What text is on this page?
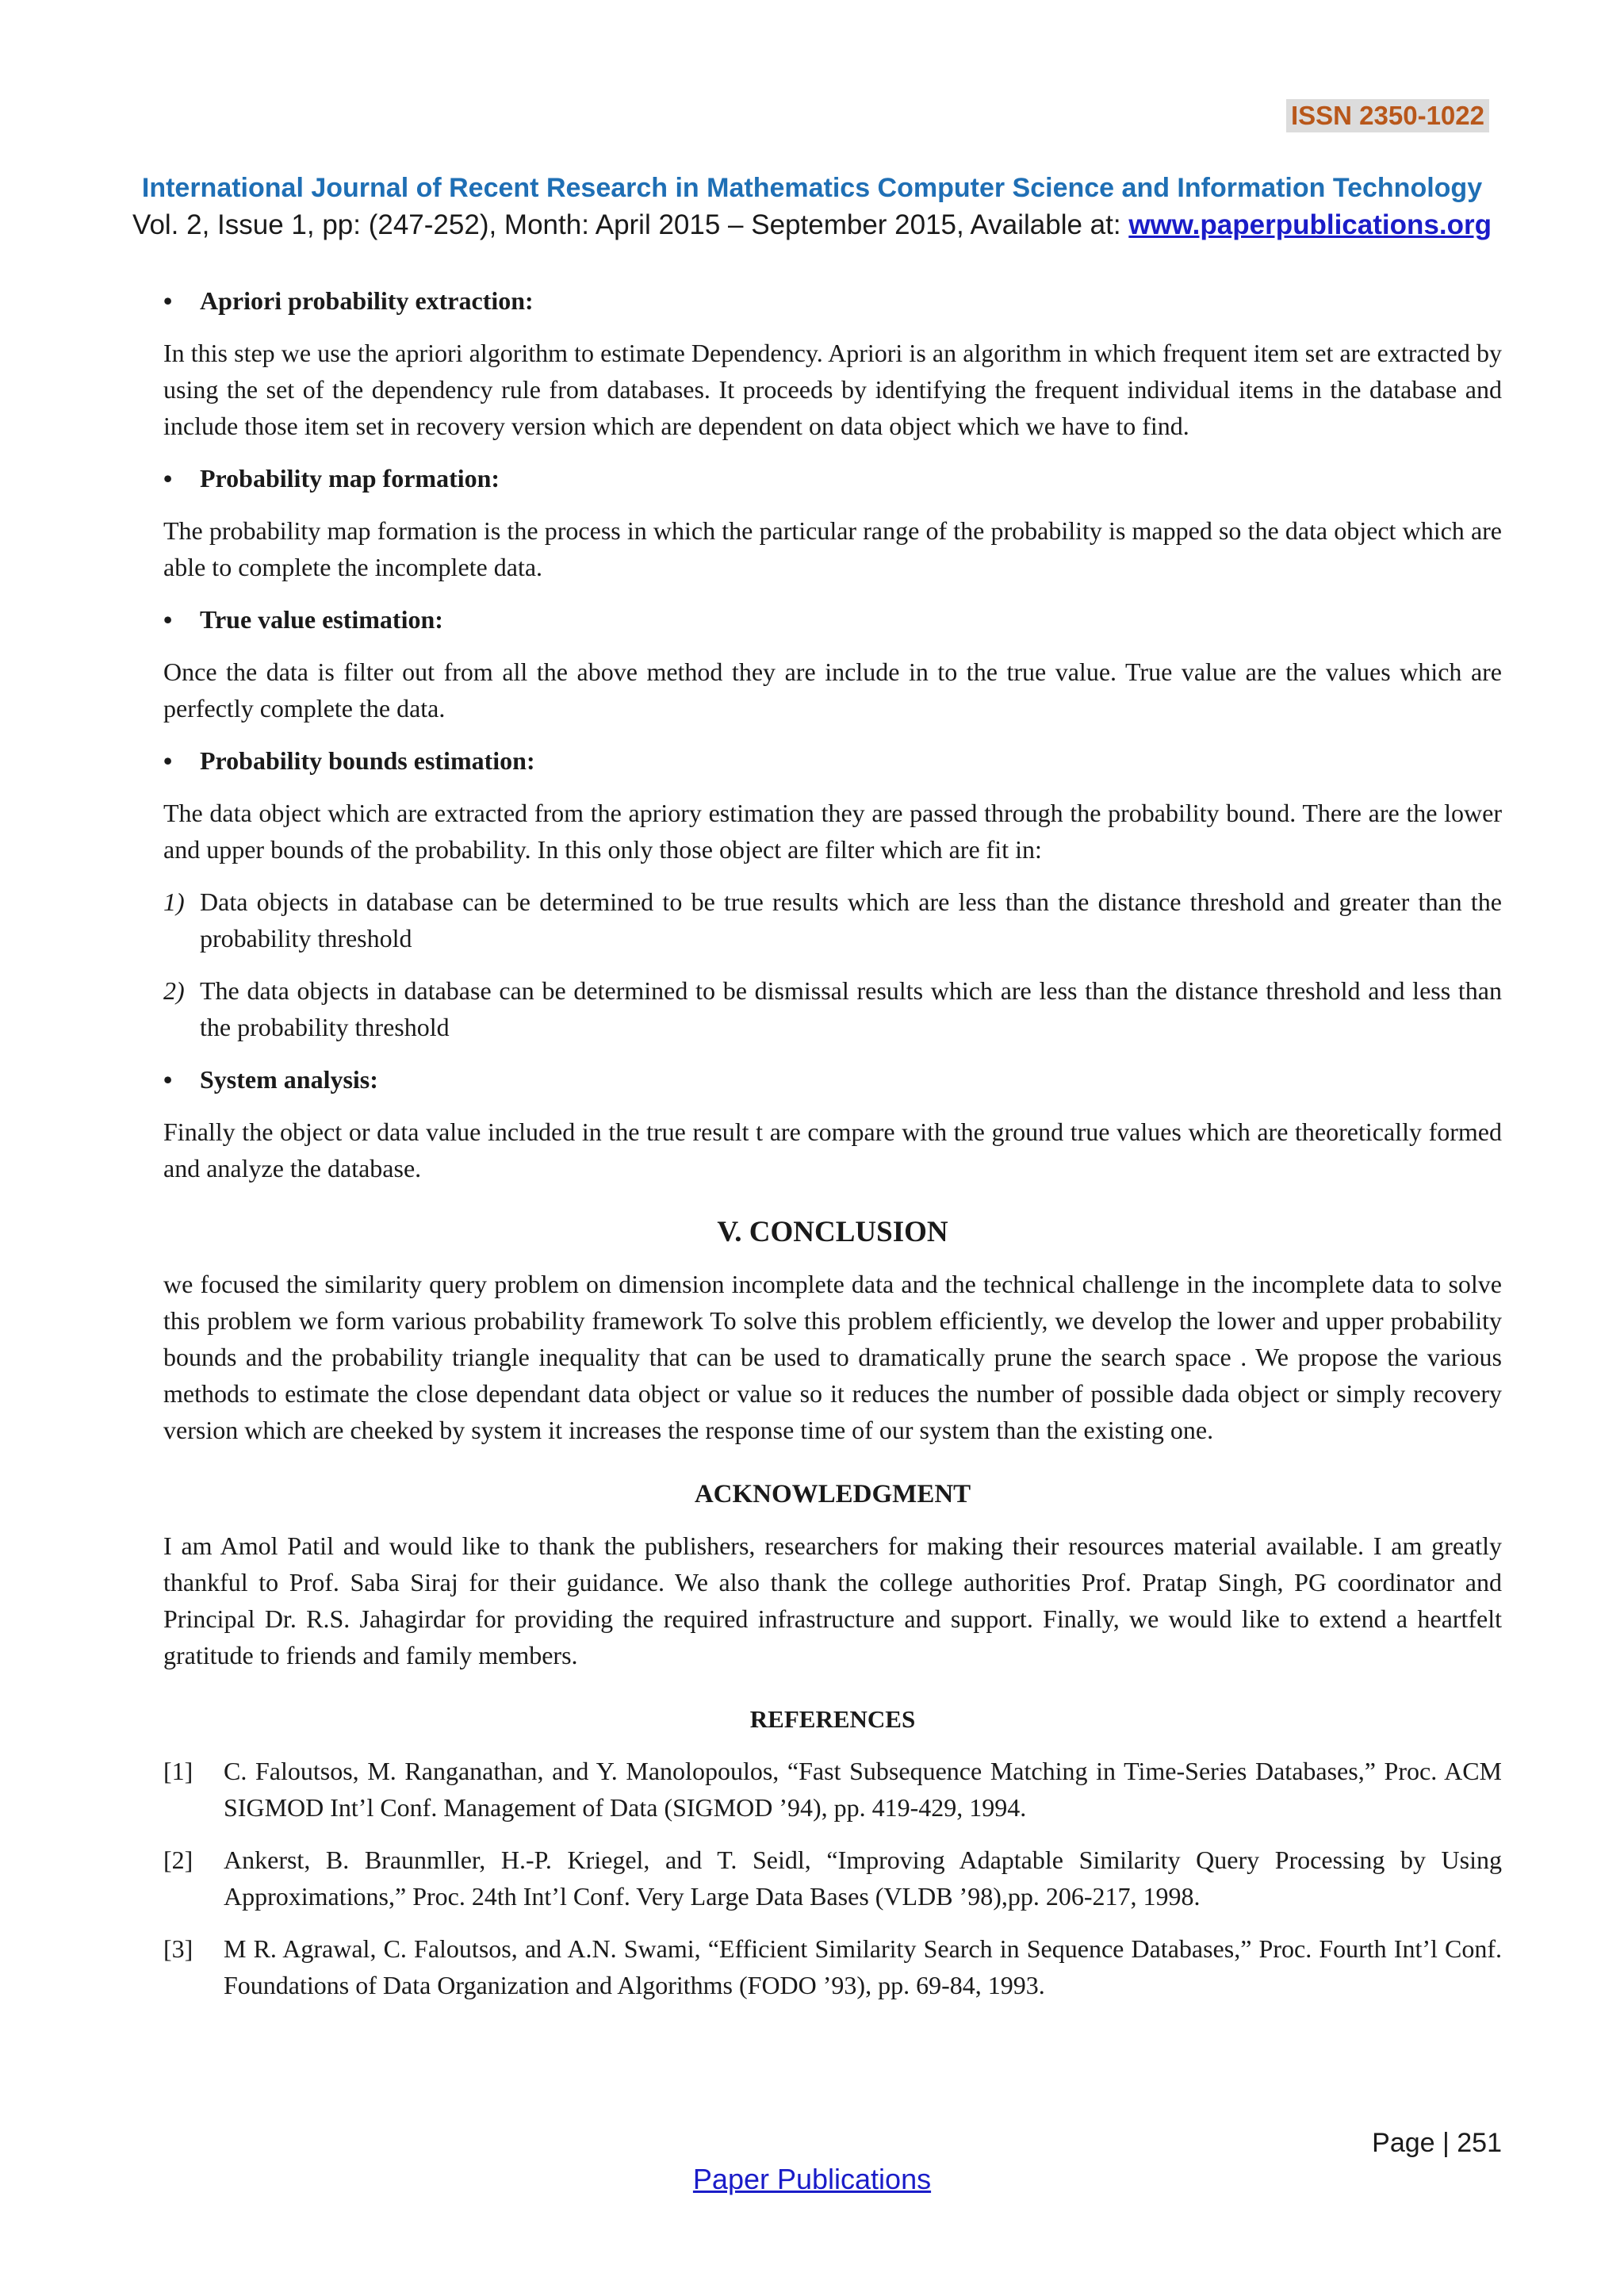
ISSN 2350-1022
International Journal of Recent Research in Mathematics Computer Science and Information Technology
Vol. 2, Issue 1, pp: (247-252), Month: April 2015 – September 2015, Available at: www.paperpublications.org
• Apriori probability extraction:

In this step we use the apriori algorithm to estimate Dependency. Apriori is an algorithm in which frequent item set are extracted by using the set of the dependency rule from databases. It proceeds by identifying the frequent individual items in the database and include those item set in recovery version which are dependent on data object which we have to find.

• Probability map formation:

The probability map formation is the process in which the particular range of the probability is mapped so the data object which are able to complete the incomplete data.

• True value estimation:

Once the data is filter out from all the above method they are include in to the true value. True value are the values which are perfectly complete the data.

• Probability bounds estimation:

The data object which are extracted from the apriory estimation they are passed through the probability bound. There are the lower and upper bounds of the probability. In this only those object are filter which are fit in:

1) Data objects in database can be determined to be true results which are less than the distance threshold and greater than the probability threshold
2) The data objects in database can be determined to be dismissal results which are less than the distance threshold and less than the probability threshold
• System analysis:

Finally the object or data value included in the true result t are compare with the ground true values which are theoretically formed and analyze the database.

V. CONCLUSION

we focused the similarity query problem on dimension incomplete data and the technical challenge in the incomplete data to solve this problem we form various probability framework To solve this problem efficiently, we develop the lower and upper probability bounds and the probability triangle inequality that can be used to dramatically prune the search space . We propose the various methods to estimate the close dependant data object or value so it reduces the number of possible dada object or simply recovery version which are cheeked by system it increases the response time of our system than the existing one.

ACKNOWLEDGMENT

I am Amol Patil and would like to thank the publishers, researchers for making their resources material available. I am greatly thankful to Prof. Saba Siraj for their guidance. We also thank the college authorities Prof. Pratap Singh, PG coordinator and Principal Dr. R.S. Jahagirdar for providing the required infrastructure and support. Finally, we would like to extend a heartfelt gratitude to friends and family members.

REFERENCES
[1] C. Faloutsos, M. Ranganathan, and Y. Manolopoulos, “Fast Subsequence Matching in Time-Series Databases,” Proc. ACM SIGMOD Int’l Conf. Management of Data (SIGMOD ’94), pp. 419-429, 1994.
[2] Ankerst, B. Braunmller, H.-P. Kriegel, and T. Seidl, “Improving Adaptable Similarity Query Processing by Using Approximations,” Proc. 24th Int’l Conf. Very Large Data Bases (VLDB ’98),pp. 206-217, 1998.
[3] M R. Agrawal, C. Faloutsos, and A.N. Swami, “Efficient Similarity Search in Sequence Databases,” Proc. Fourth Int’l Conf. Foundations of Data Organization and Algorithms (FODO ’93), pp. 69-84, 1993.
Page | 251
Paper Publications
